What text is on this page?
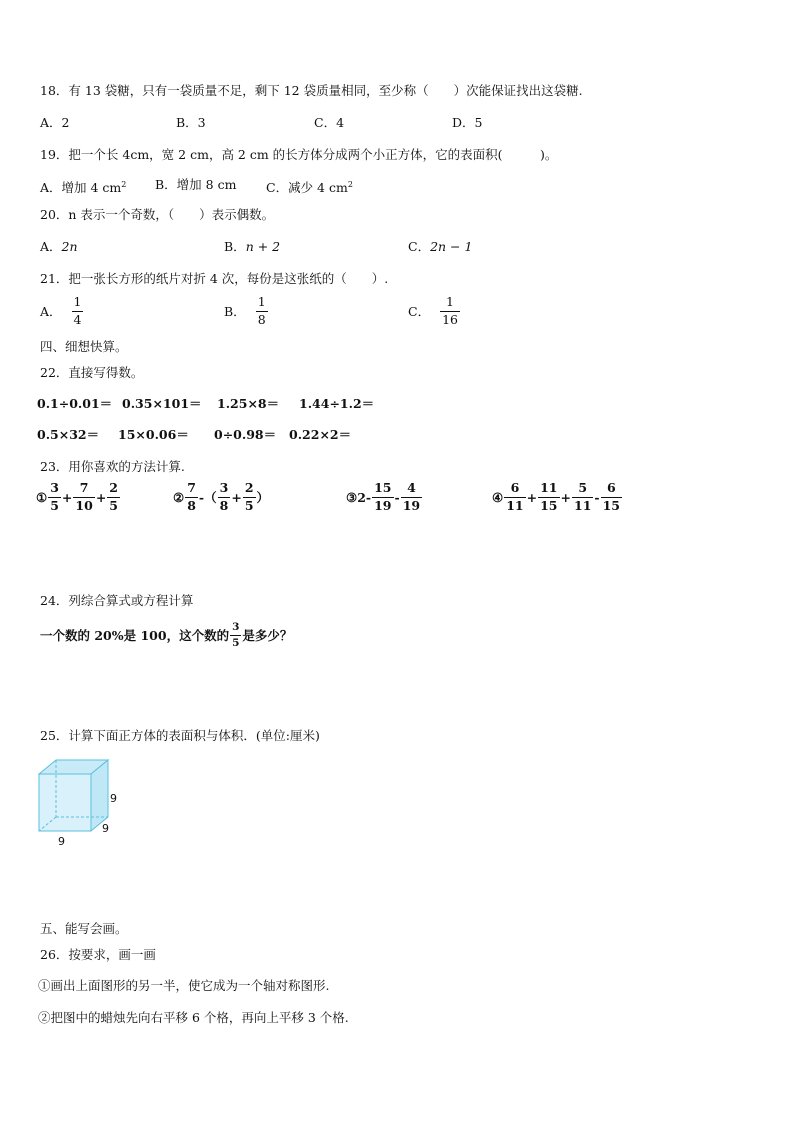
18．有 13 袋糖，只有一袋质量不足，剩下 12 袋质量相同，至少称（　　）次能保证找出这袋糖.
A．2	B．3	C．4	D．5
19．把一个长 4cm，宽 2 cm，高 2 cm 的长方体分成两个小正方体，它的表面积(　　　)。
A．增加 4 $cm^2$ B．增加 8 cm C．减少 4 $cm^2$
20．n 表示一个奇数，（　　）表示偶数。
A．2n	B．n + 2	C．2n − 1
21．把一张长方形的纸片对折 4 次，每份是这张纸的（　　）.
A． $\frac{1}{4}$	B． $\frac{1}{8}$	C． $\frac{1}{16}$
四、细想快算。
22．直接写得数。
0.1÷0.01＝ 0.35×101＝ 1.25×8＝ 1.44÷1.2＝
0.5×32＝ 15×0.06＝ 0÷0.98＝ 0.22×2＝
23．用你喜欢的方法计算.
① $\frac{3}{5} + \frac{7}{10} + \frac{2}{5}$	② $\frac{7}{8}$ -（ $\frac{3}{8} + \frac{2}{5}$ ）	③ $2- \frac{15}{19} - \frac{4}{19}$	④ $\frac{6}{11} + \frac{11}{15} + \frac{5}{11} - \frac{6}{15}$
24．列综合算式或方程计算
一个数的 20%是 100，这个数的 $\frac{3}{5}$ 是多少？
25．计算下面正方体的表面积与体积．(单位:厘米)
9
9
9
五、能写会画。
26．按要求，画一画
①画出上面图形的另一半，使它成为一个轴对称图形.
②把图中的蜡烛先向右平移 6 个格，再向上平移 3 个格.
